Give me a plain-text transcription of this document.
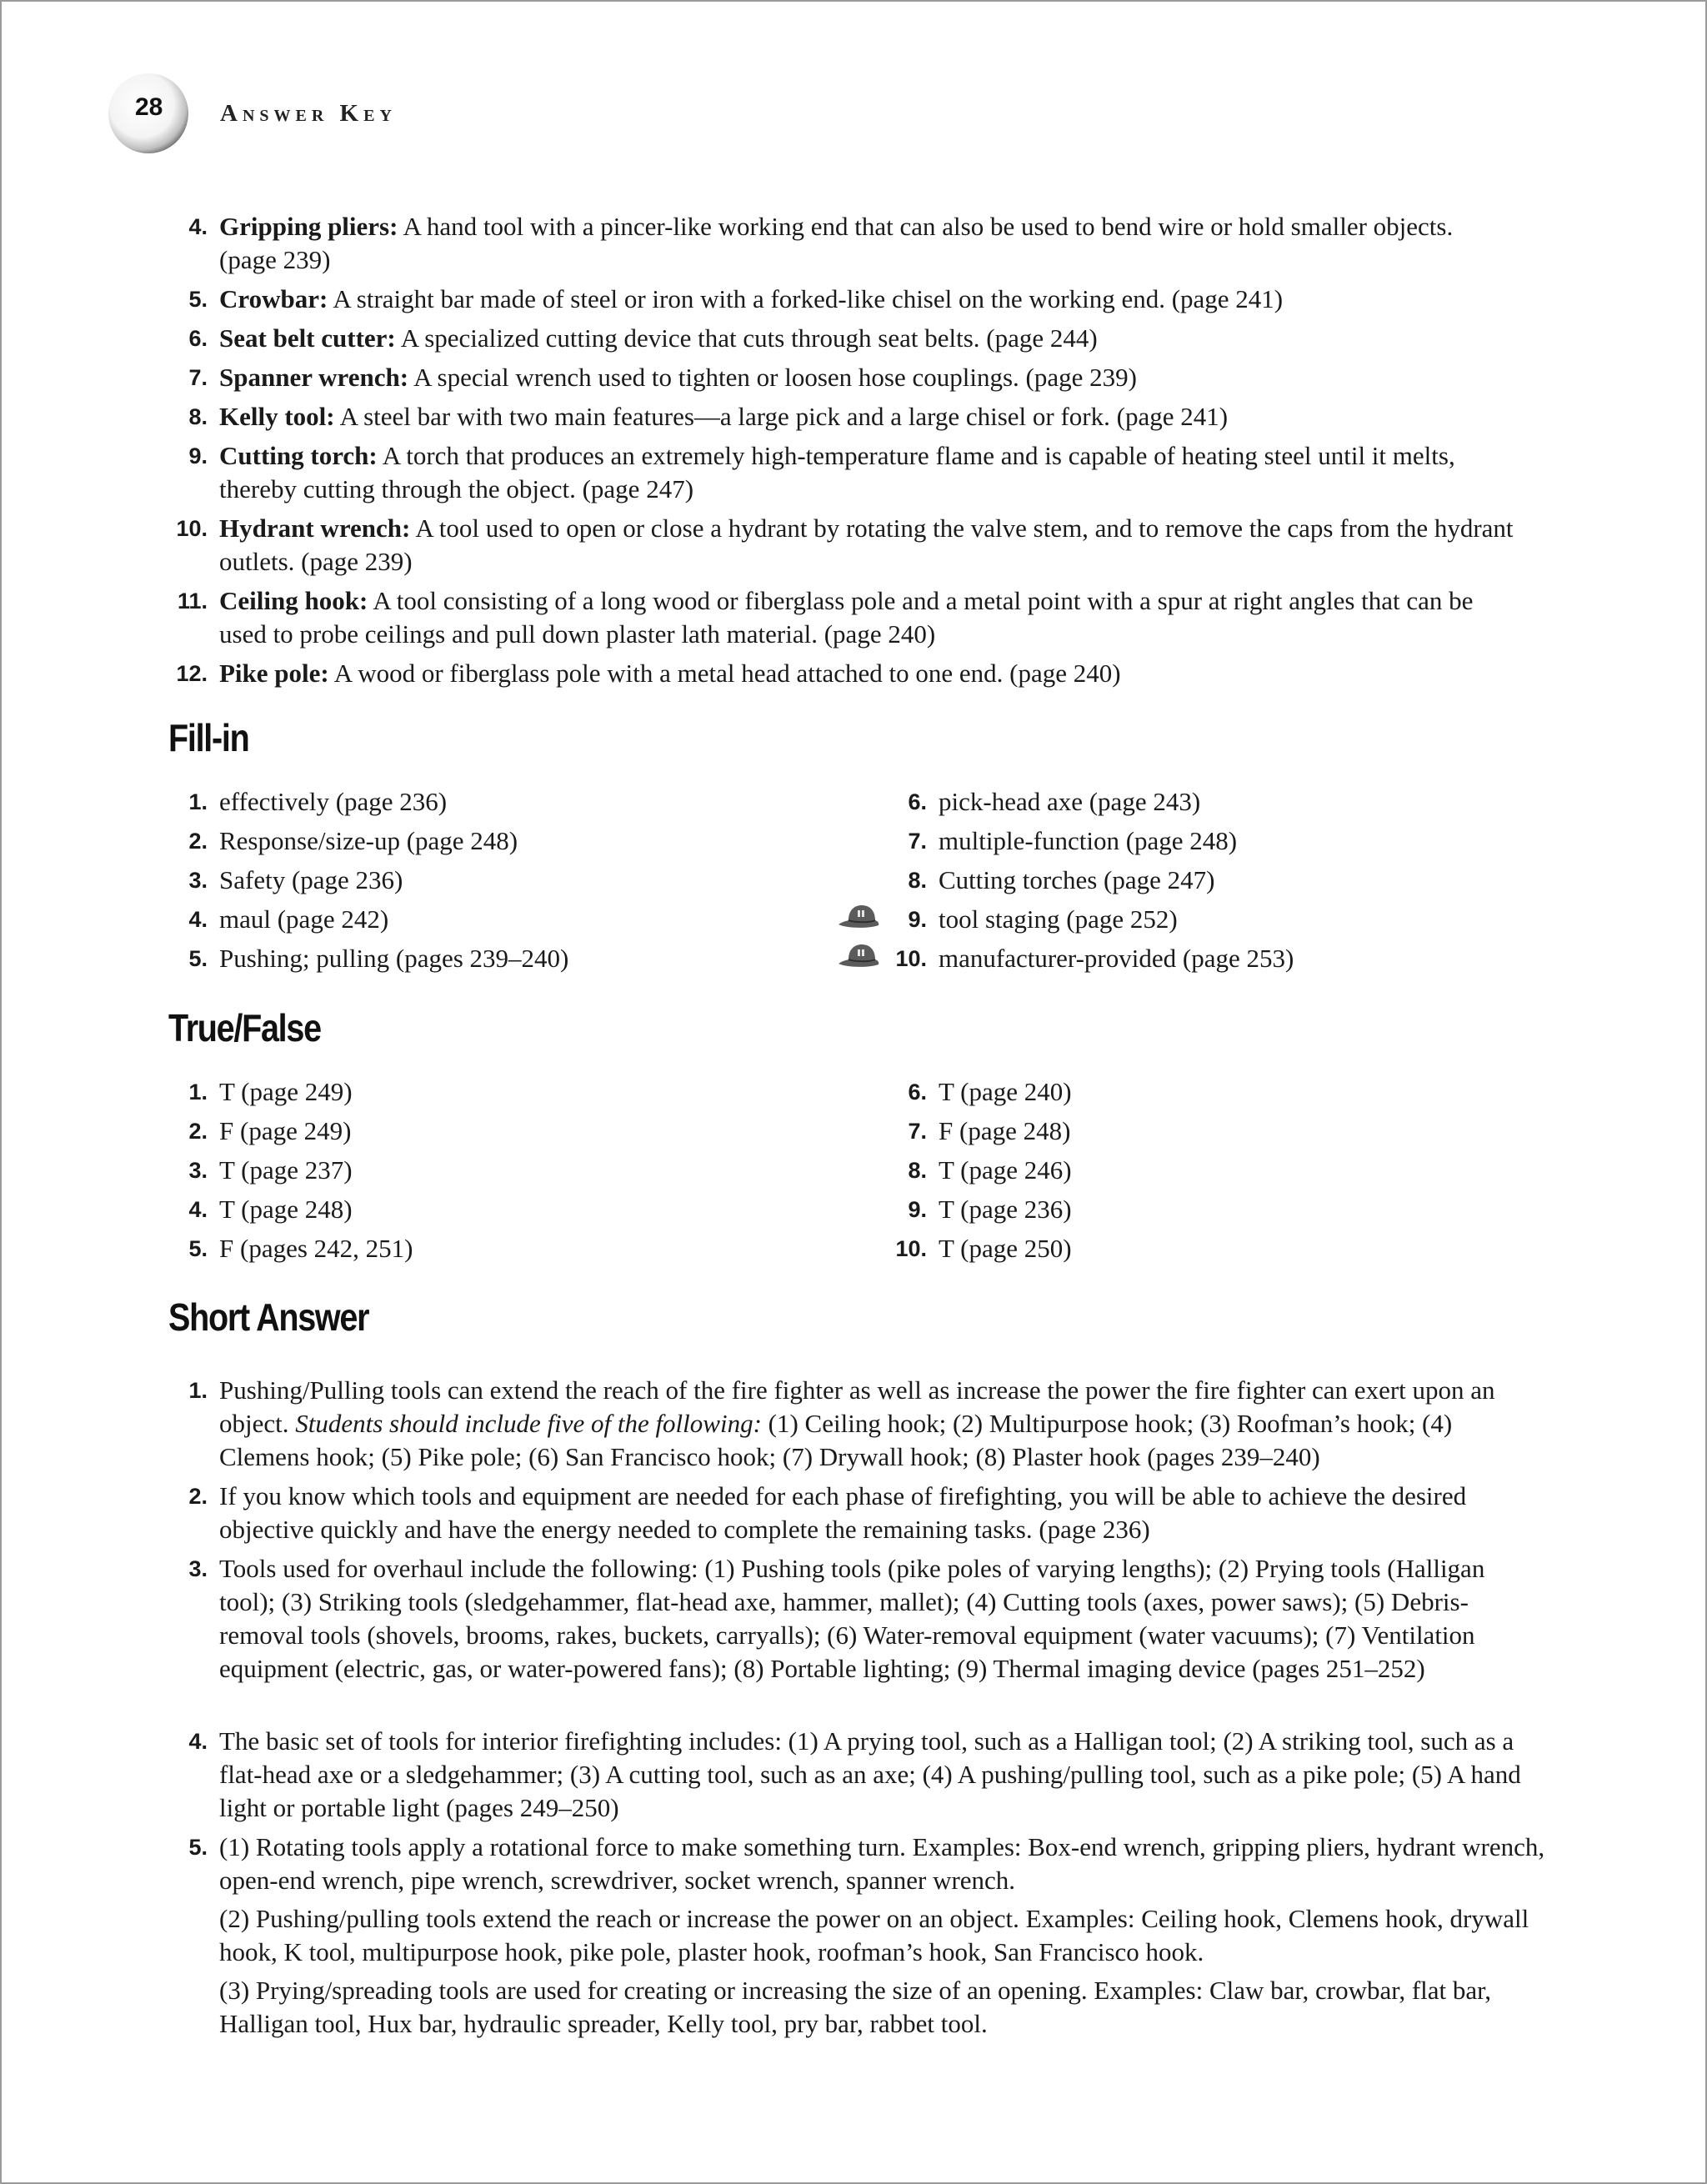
28 Answer Key
4. Gripping pliers: A hand tool with a pincer-like working end that can also be used to bend wire or hold smaller objects. (page 239)
5. Crowbar: A straight bar made of steel or iron with a forked-like chisel on the working end. (page 241)
6. Seat belt cutter: A specialized cutting device that cuts through seat belts. (page 244)
7. Spanner wrench: A special wrench used to tighten or loosen hose couplings. (page 239)
8. Kelly tool: A steel bar with two main features—a large pick and a large chisel or fork. (page 241)
9. Cutting torch: A torch that produces an extremely high-temperature flame and is capable of heating steel until it melts, thereby cutting through the object. (page 247)
10. Hydrant wrench: A tool used to open or close a hydrant by rotating the valve stem, and to remove the caps from the hydrant outlets. (page 239)
11. Ceiling hook: A tool consisting of a long wood or fiberglass pole and a metal point with a spur at right angles that can be used to probe ceilings and pull down plaster lath material. (page 240)
12. Pike pole: A wood or fiberglass pole with a metal head attached to one end. (page 240)
Fill-in
1. effectively (page 236)
2. Response/size-up (page 248)
3. Safety (page 236)
4. maul (page 242)
5. Pushing; pulling (pages 239–240)
6. pick-head axe (page 243)
7. multiple-function (page 248)
8. Cutting torches (page 247)
9. tool staging (page 252)
10. manufacturer-provided (page 253)
True/False
1. T (page 249)
2. F (page 249)
3. T (page 237)
4. T (page 248)
5. F (pages 242, 251)
6. T (page 240)
7. F (page 248)
8. T (page 246)
9. T (page 236)
10. T (page 250)
Short Answer
1. Pushing/Pulling tools can extend the reach of the fire fighter as well as increase the power the fire fighter can exert upon an object. Students should include five of the following: (1) Ceiling hook; (2) Multipurpose hook; (3) Roofman’s hook; (4) Clemens hook; (5) Pike pole; (6) San Francisco hook; (7) Drywall hook; (8) Plaster hook (pages 239–240)
2. If you know which tools and equipment are needed for each phase of firefighting, you will be able to achieve the desired objective quickly and have the energy needed to complete the remaining tasks. (page 236)
3. Tools used for overhaul include the following: (1) Pushing tools (pike poles of varying lengths); (2) Prying tools (Halligan tool); (3) Striking tools (sledgehammer, flat-head axe, hammer, mallet); (4) Cutting tools (axes, power saws); (5) Debris-removal tools (shovels, brooms, rakes, buckets, carryalls); (6) Water-removal equipment (water vacuums); (7) Ventilation equipment (electric, gas, or water-powered fans); (8) Portable lighting; (9) Thermal imaging device (pages 251–252)
4. The basic set of tools for interior firefighting includes: (1) A prying tool, such as a Halligan tool; (2) A striking tool, such as a flat-head axe or a sledgehammer; (3) A cutting tool, such as an axe; (4) A pushing/pulling tool, such as a pike pole; (5) A hand light or portable light (pages 249–250)
5. (1) Rotating tools apply a rotational force to make something turn. Examples: Box-end wrench, gripping pliers, hydrant wrench, open-end wrench, pipe wrench, screwdriver, socket wrench, spanner wrench.
(2) Pushing/pulling tools extend the reach or increase the power on an object. Examples: Ceiling hook, Clemens hook, drywall hook, K tool, multipurpose hook, pike pole, plaster hook, roofman’s hook, San Francisco hook.
(3) Prying/spreading tools are used for creating or increasing the size of an opening. Examples: Claw bar, crowbar, flat bar, Halligan tool, Hux bar, hydraulic spreader, Kelly tool, pry bar, rabbet tool.
